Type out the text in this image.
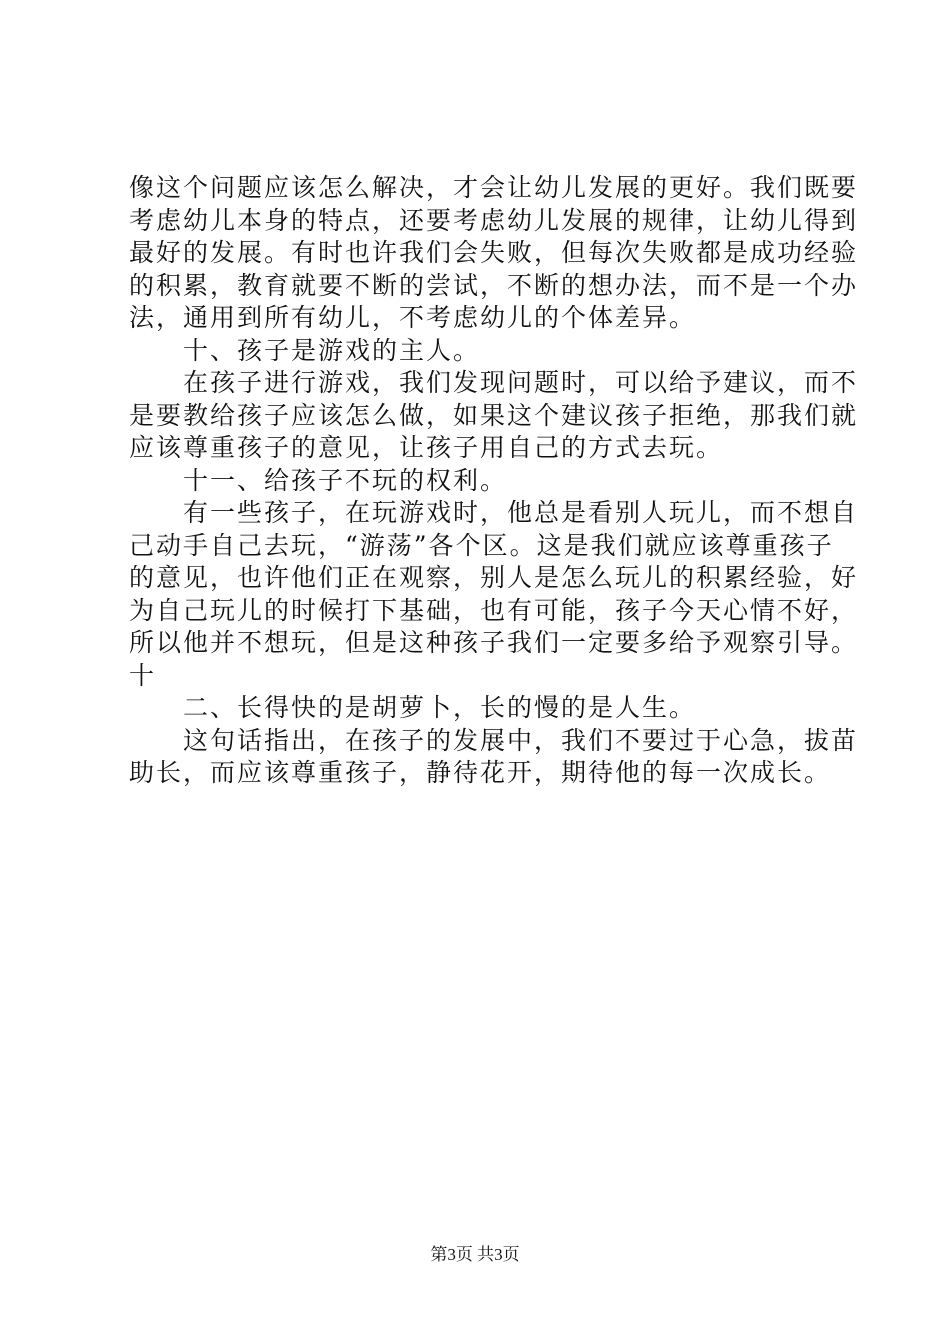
像这个问题应该怎么解决，才会让幼儿发展的更好。我们既要
考虑幼儿本身的特点，还要考虑幼儿发展的规律，让幼儿得到
最好的发展。有时也许我们会失败，但每次失败都是成功经验
的积累，教育就要不断的尝试，不断的想办法，而不是一个办
法，通用到所有幼儿，不考虑幼儿的个体差异。
十、孩子是游戏的主人。
在孩子进行游戏，我们发现问题时，可以给予建议，而不
是要教给孩子应该怎么做，如果这个建议孩子拒绝，那我们就
应该尊重孩子的意见，让孩子用自己的方式去玩。
十一、给孩子不玩的权利。
有一些孩子，在玩游戏时，他总是看别人玩儿，而不想自
己动手自己去玩，“游荡”各个区。这是我们就应该尊重孩子
的意见，也许他们正在观察，别人是怎么玩儿的积累经验，好
为自己玩儿的时候打下基础，也有可能，孩子今天心情不好，
所以他并不想玩，但是这种孩子我们一定要多给予观察引导。
十
二、长得快的是胡萝卜，长的慢的是人生。
这句话指出，在孩子的发展中，我们不要过于心急，拔苗
助长，而应该尊重孩子，静待花开，期待他的每一次成长。
第3页 共3页
